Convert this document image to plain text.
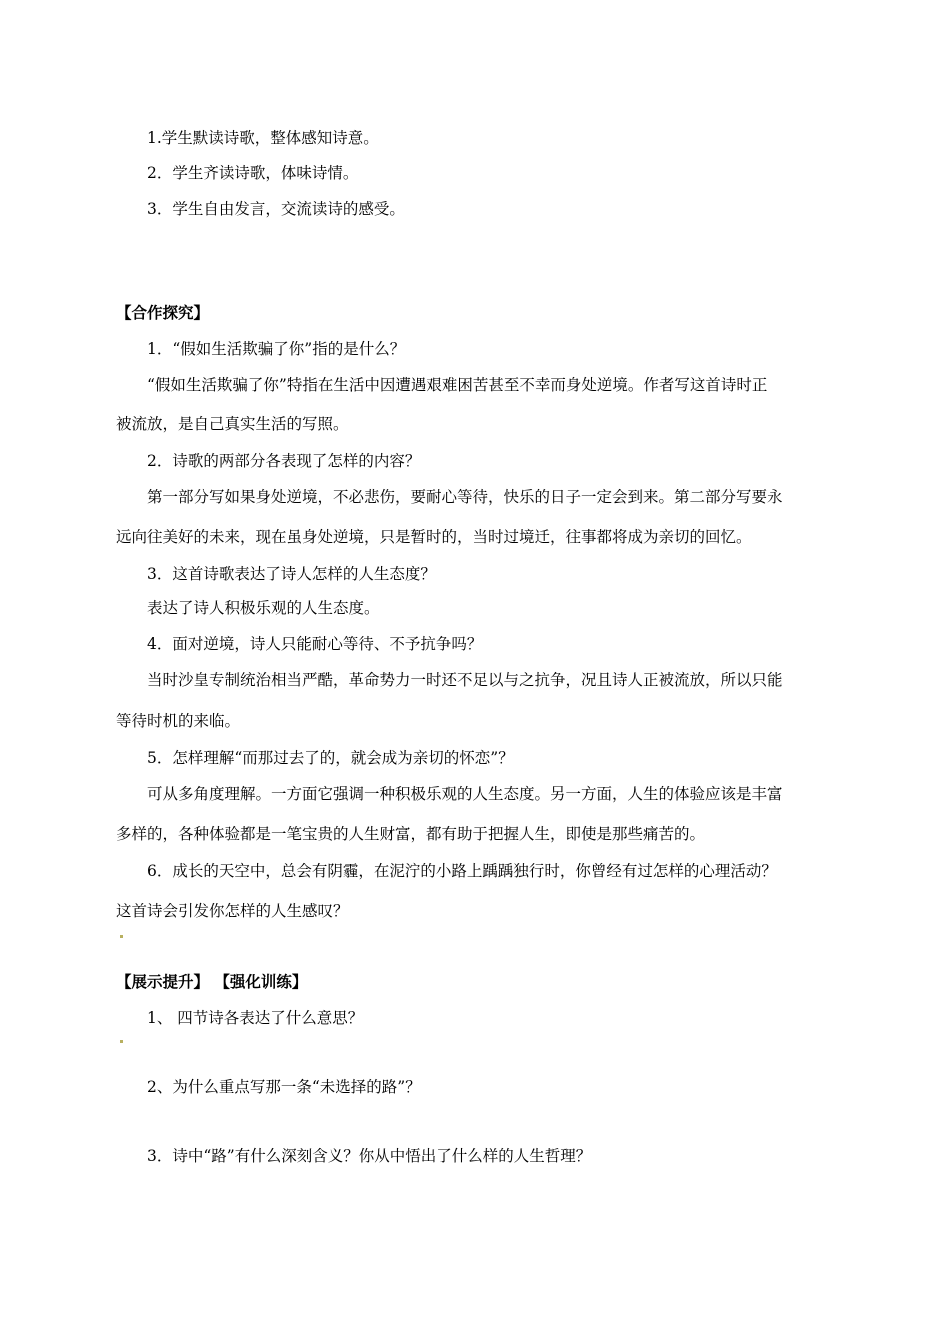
1.学生默读诗歌，整体感知诗意。
2．学生齐读诗歌，体味诗情。
3．学生自由发言，交流读诗的感受。
【合作探究】
1．“假如生活欺骗了你”指的是什么？
“假如生活欺骗了你”特指在生活中因遭遇艰难困苦甚至不幸而身处逆境。作者写这首诗时正
被流放，是自己真实生活的写照。
2．诗歌的两部分各表现了怎样的内容？
第一部分写如果身处逆境，不必悲伤，要耐心等待，快乐的日子一定会到来。第二部分写要永
远向往美好的未来，现在虽身处逆境，只是暂时的，当时过境迁，往事都将成为亲切的回忆。
3．这首诗歌表达了诗人怎样的人生态度？
表达了诗人积极乐观的人生态度。
4．面对逆境，诗人只能耐心等待、不予抗争吗？
当时沙皇专制统治相当严酷，革命势力一时还不足以与之抗争，况且诗人正被流放，所以只能
等待时机的来临。
5．怎样理解“而那过去了的，就会成为亲切的怀恋”？
可从多角度理解。一方面它强调一种积极乐观的人生态度。另一方面，人生的体验应该是丰富
多样的，各种体验都是一笔宝贵的人生财富，都有助于把握人生，即使是那些痛苦的。
6．成长的天空中，总会有阴霾，在泥泞的小路上踽踽独行时，你曾经有过怎样的心理活动？
这首诗会引发你怎样的人生感叹？
【展示提升】 【强化训练】
1、 四节诗各表达了什么意思？
2、为什么重点写那一条“未选择的路”？
3．诗中“路”有什么深刻含义？你从中悟出了什么样的人生哲理？
